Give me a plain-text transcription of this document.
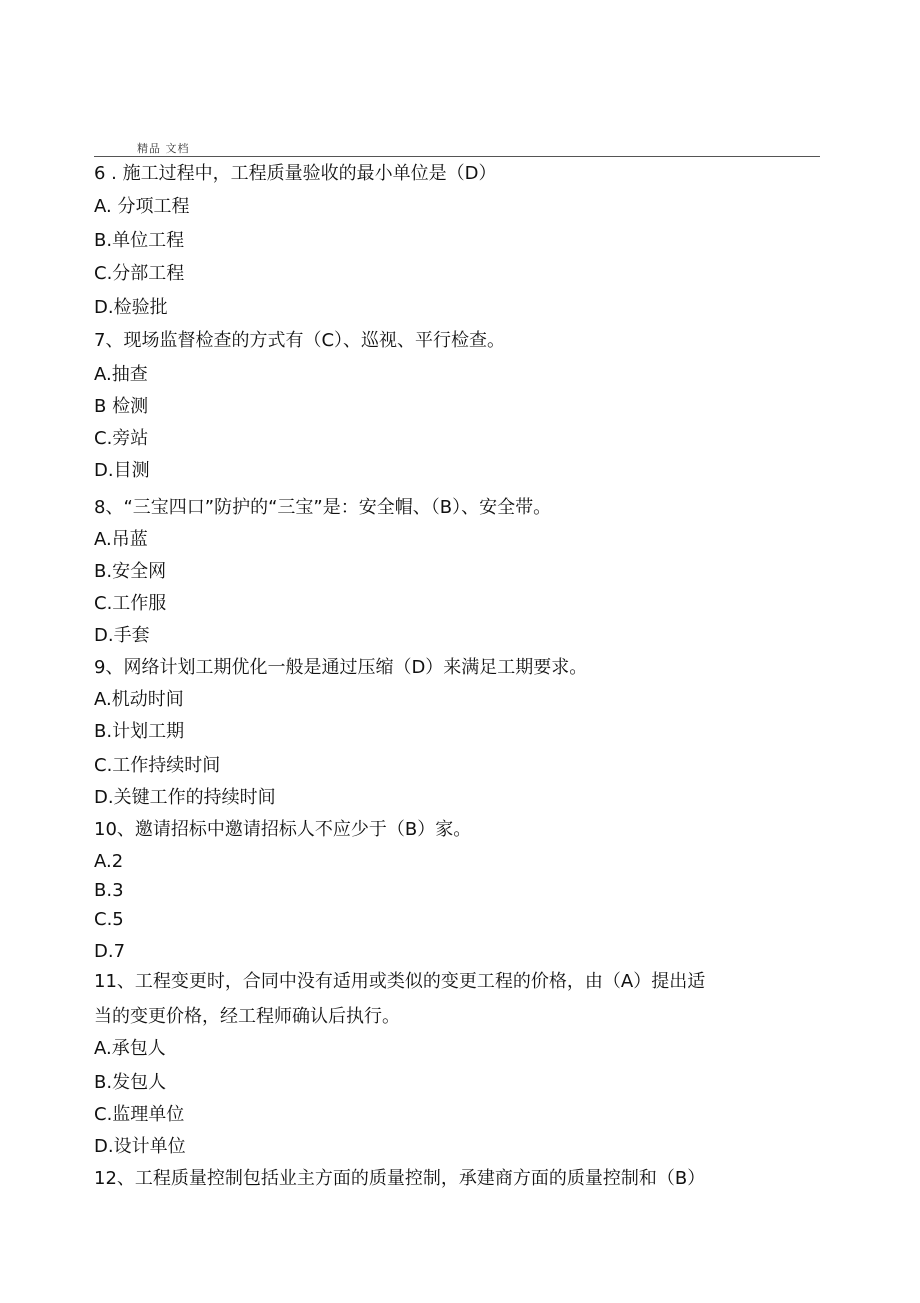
精品 文档
6 . 施工过程中，工程质量验收的最小单位是（D）
A. 分项工程
B.单位工程
C.分部工程
D.检验批
7、现场监督检查的方式有（C）、巡视、平行检查。
A.抽查
B 检测
C.旁站
D.目测
8、“三宝四口”防护的“三宝”是：安全帽、（B）、安全带。
A.吊蓝
B.安全网
C.工作服
D.手套
9、网络计划工期优化一般是通过压缩（D）来满足工期要求。
A.机动时间
B.计划工期
C.工作持续时间
D.关键工作的持续时间
10、邀请招标中邀请招标人不应少于（B）家。
A.2
B.3
C.5
D.7
11、工程变更时，合同中没有适用或类似的变更工程的价格，由（A）提出适
当的变更价格，经工程师确认后执行。
A.承包人
B.发包人
C.监理单位
D.设计单位
12、工程质量控制包括业主方面的质量控制，承建商方面的质量控制和（B）
